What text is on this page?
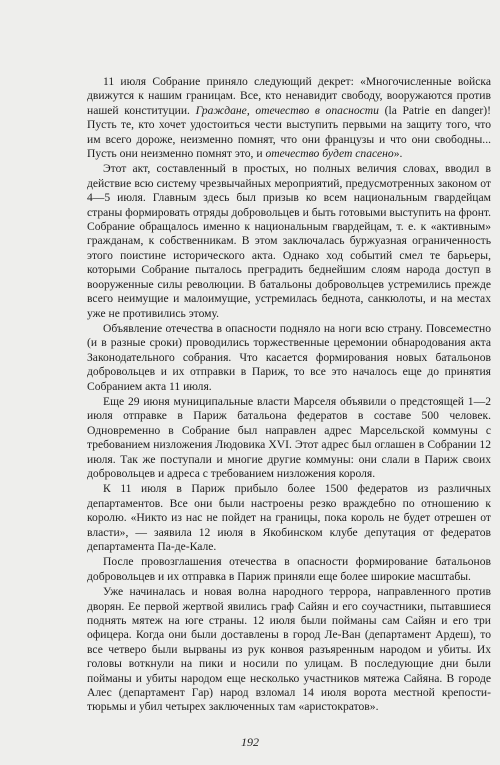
11 июля Собрание приняло следующий декрет: «Многочисленные войска движутся к нашим границам. Все, кто ненавидит свободу, вооружаются против нашей конституции. Граждане, отечество в опасности (la Patrie en danger)! Пусть те, кто хочет удостоиться чести выступить первыми на защиту того, что им всего дороже, неизменно помнят, что они французы и что они свободны... Пусть они неизменно помнят это, и отечество будет спасено».

Этот акт, составленный в простых, но полных величия словах, вводил в действие всю систему чрезвычайных мероприятий, предусмотренных законом от 4—5 июля. Главным здесь был призыв ко всем национальным гвардейцам страны формировать отряды добровольцев и быть готовыми выступить на фронт. Собрание обращалось именно к национальным гвардейцам, т. е. к «активным» гражданам, к собственникам. В этом заключалась буржуазная ограниченность этого поистине исторического акта. Однако ход событий смел те барьеры, которыми Собрание пыталось преградить беднейшим слоям народа доступ в вооруженные силы революции. В батальоны добровольцев устремились прежде всего неимущие и малоимущие, устремилась беднота, санкюлоты, и на местах уже не противились этому.

Объявление отечества в опасности подняло на ноги всю страну. Повсеместно (и в разные сроки) проводились торжественные церемонии обнародования акта Законодательного собрания. Что касается формирования новых батальонов добровольцев и их отправки в Париж, то все это началось еще до принятия Собранием акта 11 июля.

Еще 29 июня муниципальные власти Марселя объявили о предстоящей 1—2 июля отправке в Париж батальона федератов в составе 500 человек. Одновременно в Собрание был направлен адрес Марсельской коммуны с требованием низложения Людовика XVI. Этот адрес был оглашен в Собрании 12 июля. Так же поступали и многие другие коммуны: они слали в Париж своих добровольцев и адреса с требованием низложения короля.

К 11 июля в Париж прибыло более 1500 федератов из различных департаментов. Все они были настроены резко враждебно по отношению к королю. «Никто из нас не пойдет на границы, пока король не будет отрешен от власти», — заявила 12 июля в Якобинском клубе депутация от федератов департамента Па-де-Кале.

После провозглашения отечества в опасности формирование батальонов добровольцев и их отправка в Париж приняли еще более широкие масштабы.

Уже начиналась и новая волна народного террора, направленного против дворян. Ее первой жертвой явились граф Сайян и его соучастники, пытавшиеся поднять мятеж на юге страны. 12 июля были пойманы сам Сайян и его три офицера. Когда они были доставлены в город Ле-Ван (департамент Ардеш), то все четверо были вырваны из рук конвоя разъяренным народом и убиты. Их головы воткнули на пики и носили по улицам. В последующие дни были пойманы и убиты народом еще несколько участников мятежа Сайяна. В городе Алес (департамент Гар) народ взломал 14 июля ворота местной крепости-тюрьмы и убил четырех заключенных там «аристократов».

192
